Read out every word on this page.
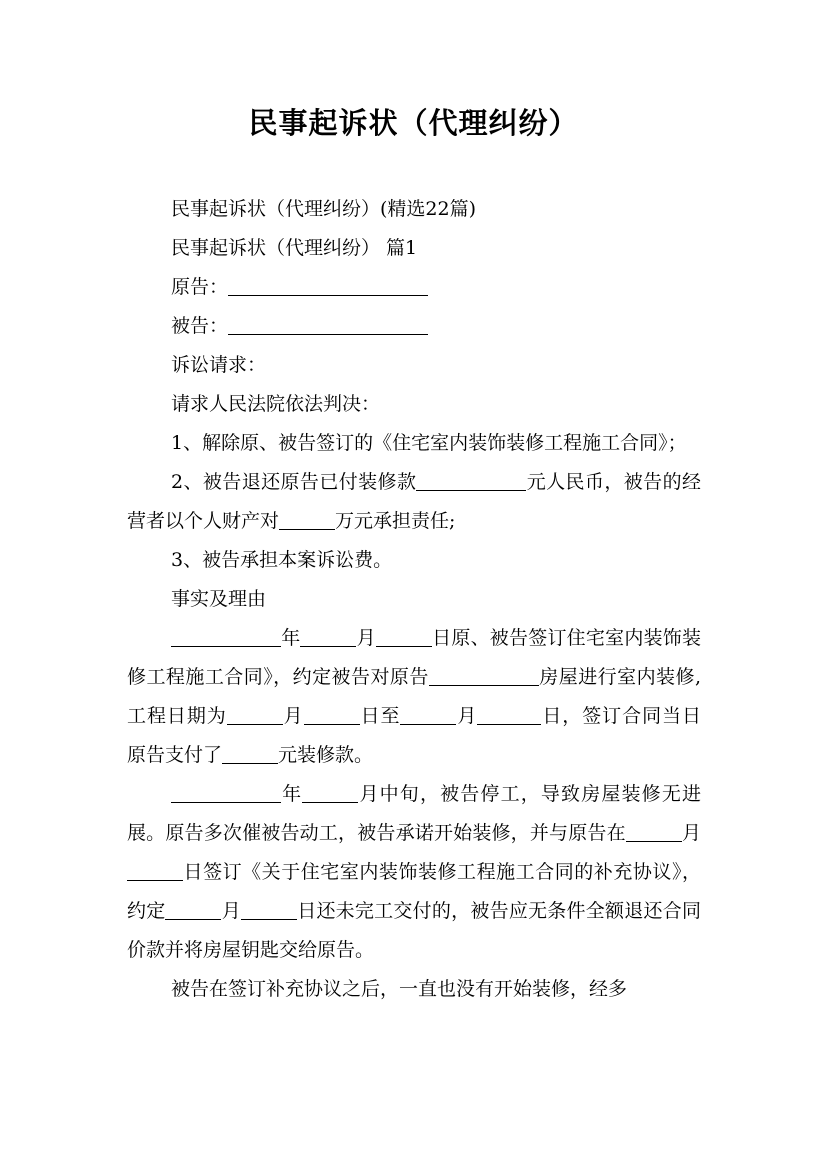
民事起诉状（代理纠纷）

民事起诉状（代理纠纷）(精选22篇)

民事起诉状（代理纠纷） 篇1

原告：

被告：

诉讼请求：

请求人民法院依法判决：

1、解除原、被告签订的《住宅室内装饰装修工程施工合同》；

2、被告退还原告已付装修款	元人民币，被告的经营者以个人财产对	万元承担责任;

3、被告承担本案诉讼费。

事实及理由

年	月	日原、被告签订住宅室内装饰装修工程施工合同》，约定被告对原告	房屋进行室内装修,工程日期为	月	日至	月	日，签订合同当日原告支付了	元装修款。

年	月中旬，被告停工，导致房屋装修无进展。原告多次催被告动工，被告承诺开始装修，并与原告在	月日签订《关于住宅室内装饰装修工程施工合同的补充协议》，约定	月	日还未完工交付的，被告应无条件全额退还合同价款并将房屋钥匙交给原告。

被告在签订补充协议之后，一直也没有开始装修，经多
